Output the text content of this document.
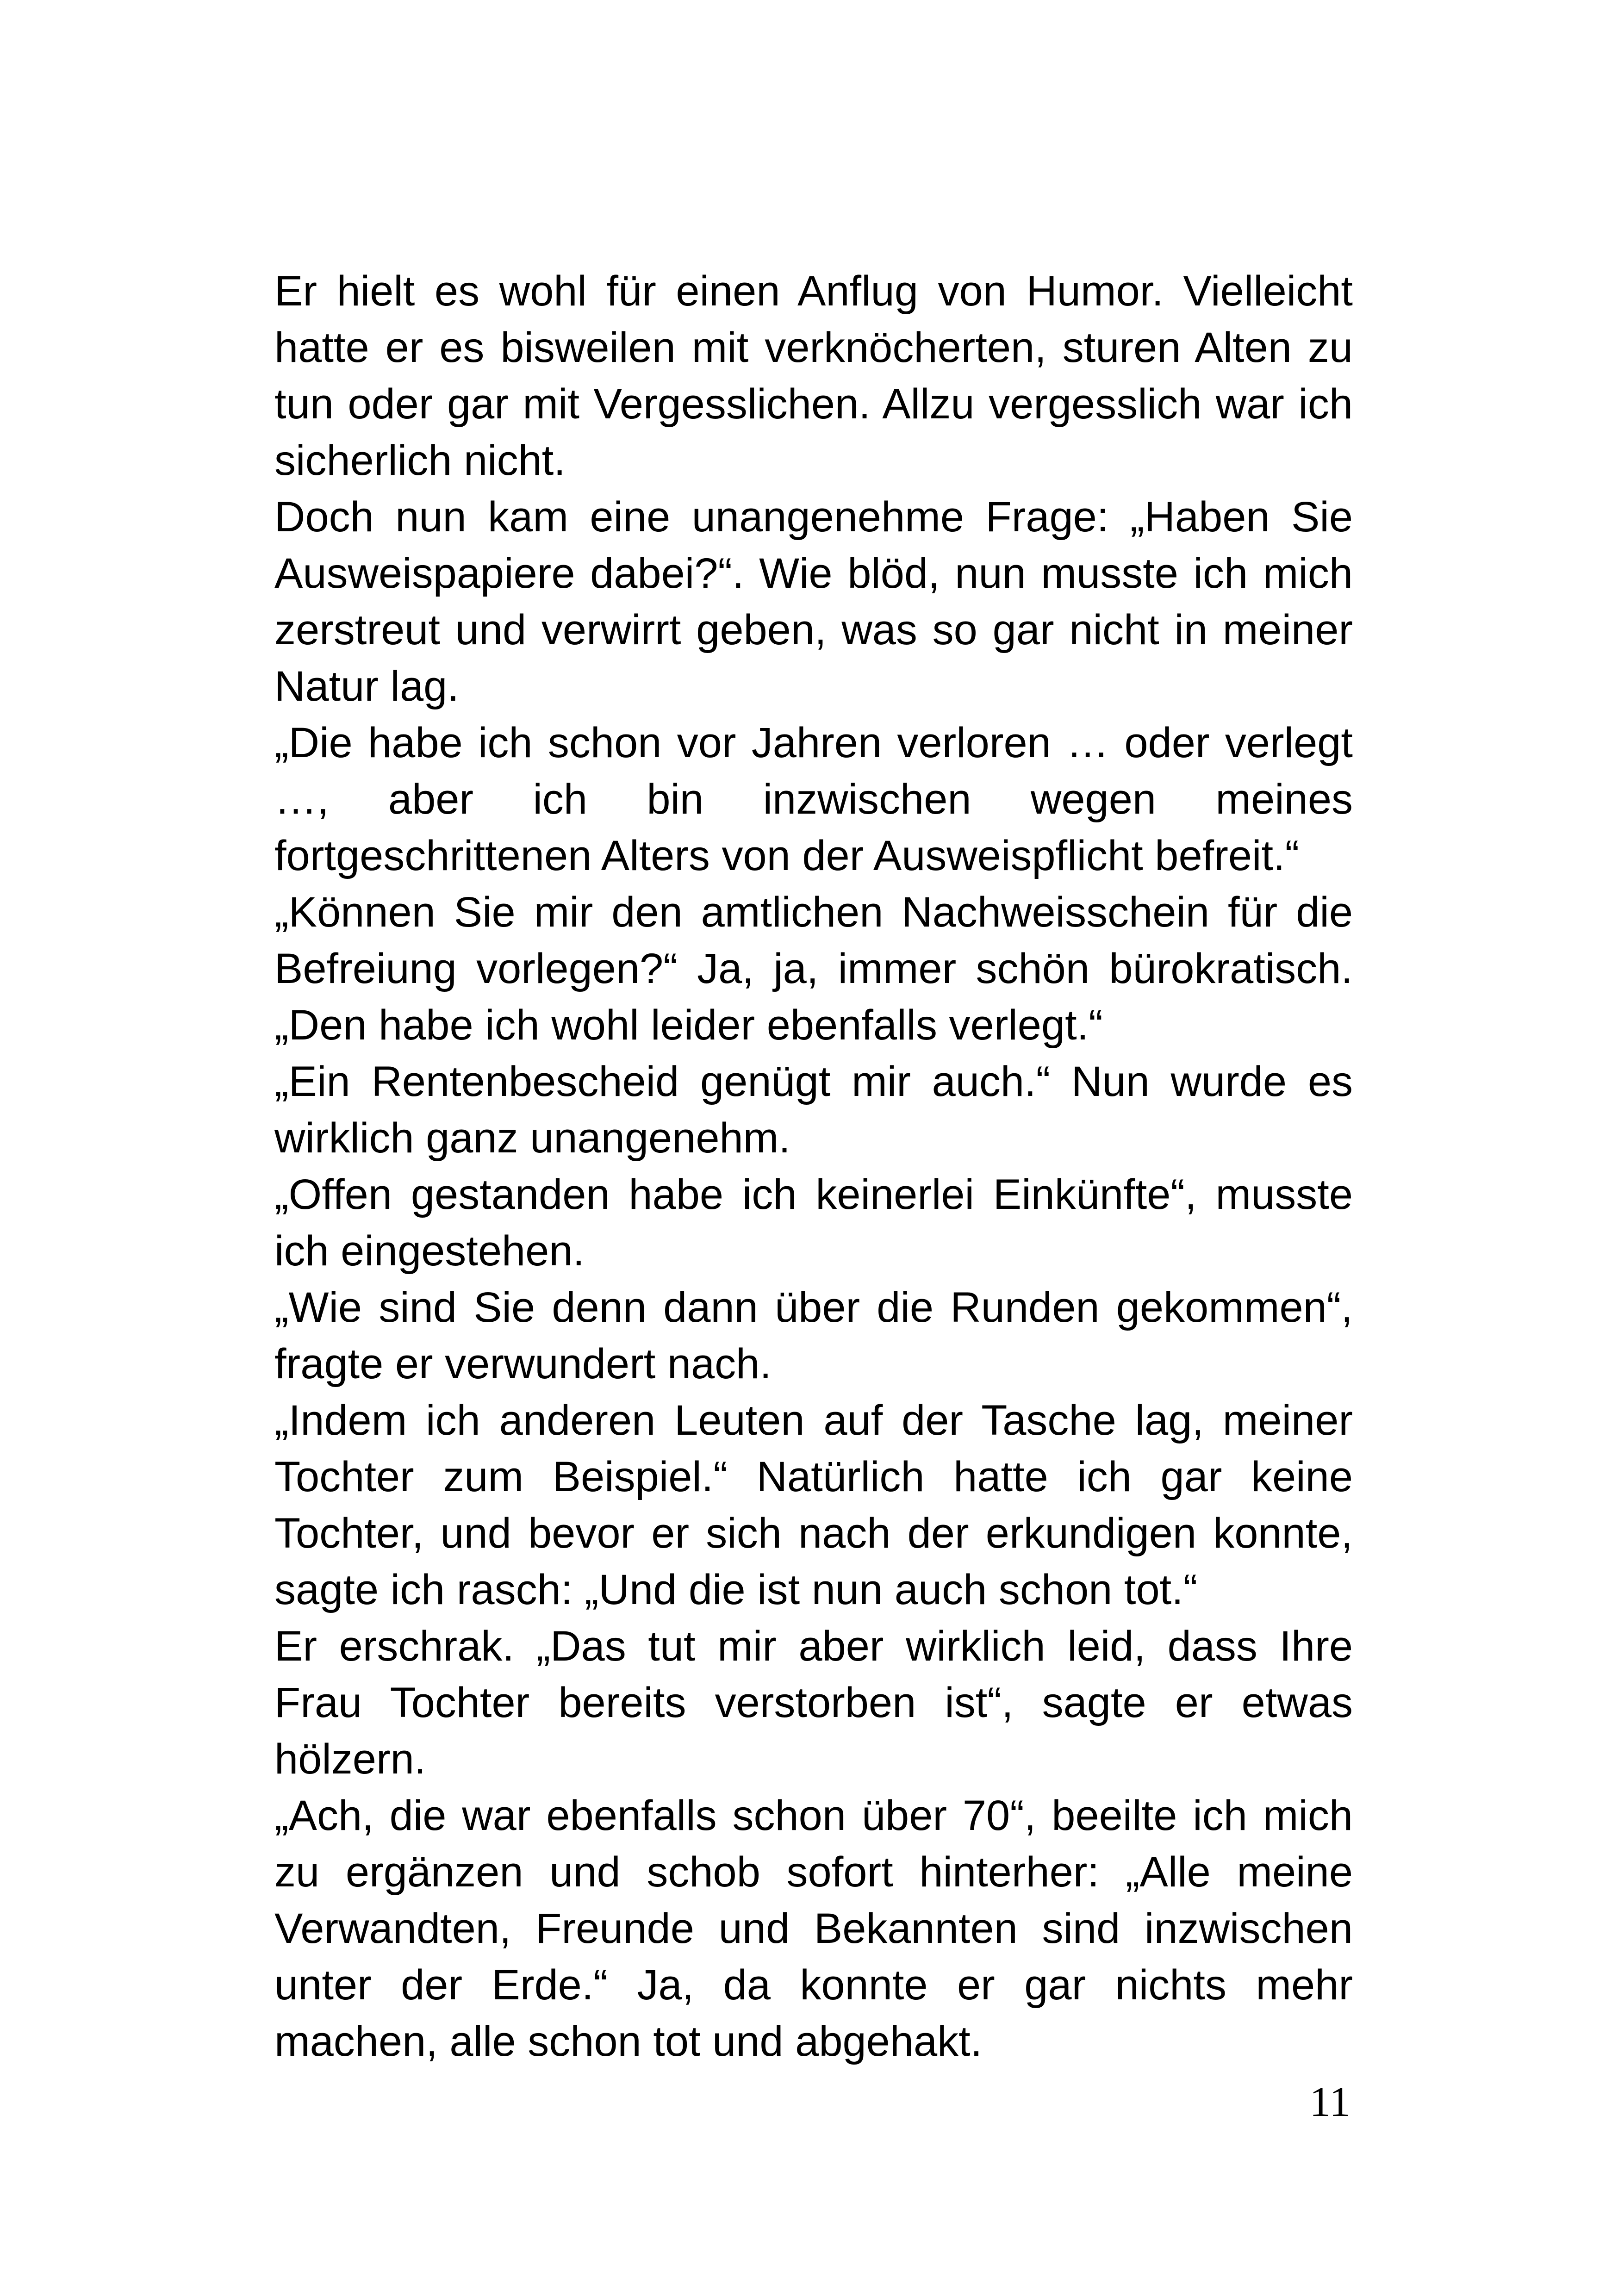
Er hielt es wohl für einen Anflug von Humor. Vielleicht hatte er es bisweilen mit verknöcherten, sturen Alten zu tun oder gar mit Vergesslichen. Allzu vergesslich war ich sicherlich nicht.

Doch nun kam eine unangenehme Frage: „Haben Sie Ausweispapiere dabei?“. Wie blöd, nun musste ich mich zerstreut und verwirrt geben, was so gar nicht in meiner Natur lag.

„Die habe ich schon vor Jahren verloren … oder verlegt …, aber ich bin inzwischen wegen meines fortgeschrittenen Alters von der Ausweispflicht befreit.“

„Können Sie mir den amtlichen Nachweisschein für die Befreiung vorlegen?“ Ja, ja, immer schön bürokratisch. „Den habe ich wohl leider ebenfalls verlegt.“

„Ein Rentenbescheid genügt mir auch.“ Nun wurde es wirklich ganz unangenehm.

„Offen gestanden habe ich keinerlei Einkünfte“, musste ich eingestehen.

„Wie sind Sie denn dann über die Runden gekommen“, fragte er verwundert nach.

„Indem ich anderen Leuten auf der Tasche lag, meiner Tochter zum Beispiel.“ Natürlich hatte ich gar keine Tochter, und bevor er sich nach der erkundigen konnte, sagte ich rasch: „Und die ist nun auch schon tot.“

Er erschrak. „Das tut mir aber wirklich leid, dass Ihre Frau Tochter bereits verstorben ist“, sagte er etwas hölzern.

„Ach, die war ebenfalls schon über 70“, beeilte ich mich zu ergänzen und schob sofort hinterher: „Alle meine Verwandten, Freunde und Bekannten sind inzwischen unter der Erde.“ Ja, da konnte er gar nichts mehr machen, alle schon tot und abgehakt.

11
